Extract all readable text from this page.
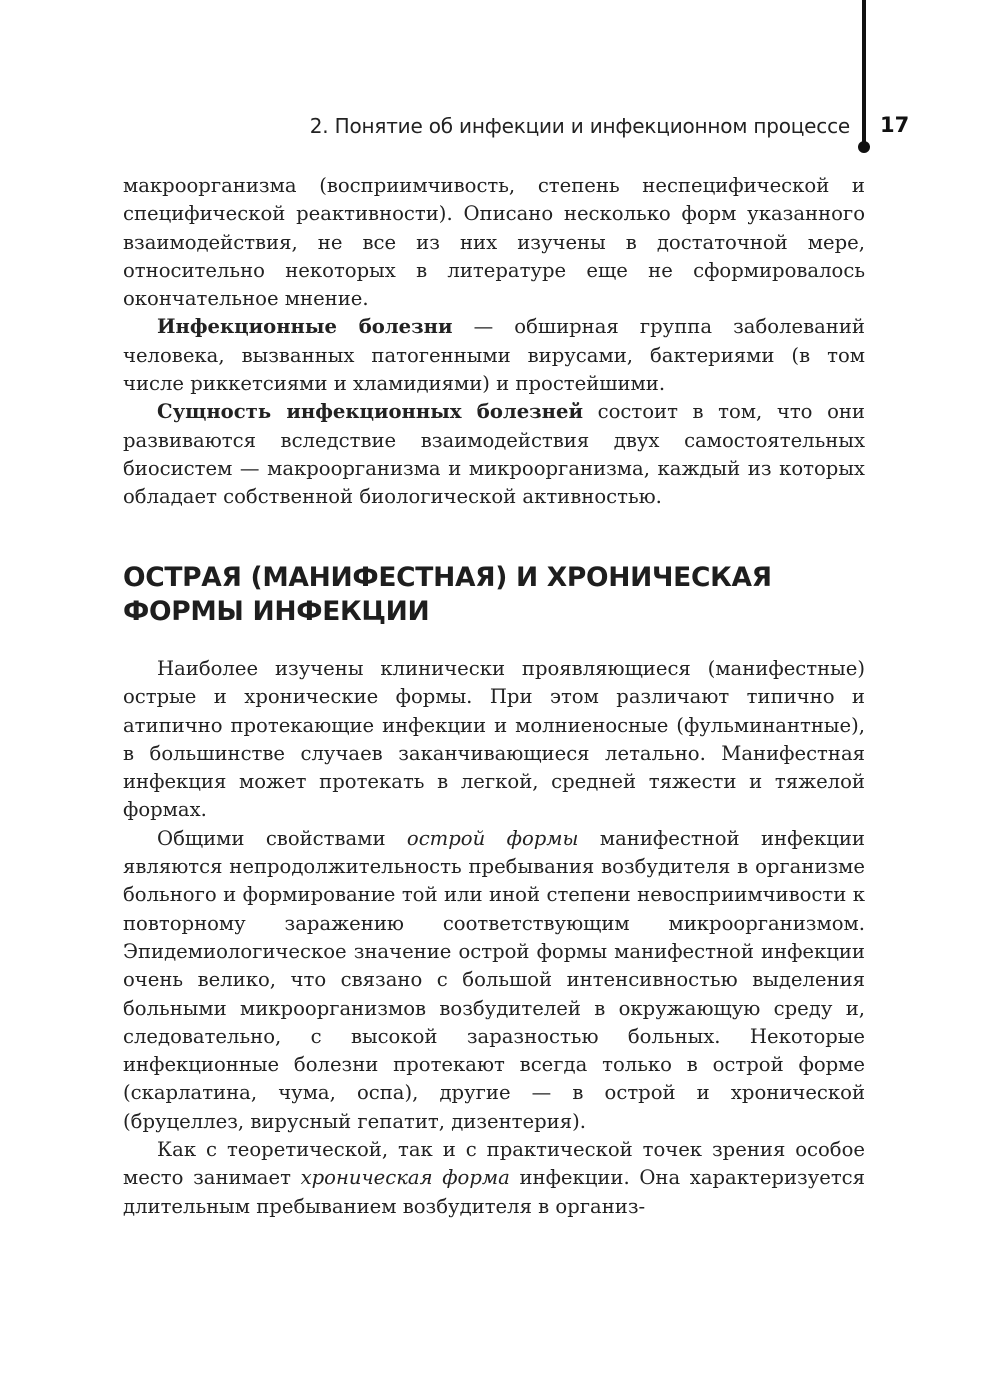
2. Понятие об инфекции и инфекционном процессе 17

макроорганизма (восприимчивость, степень неспецифической и специфической реактивности). Описано несколько форм указанного взаимодействия, не все из них изучены в достаточной мере, относительно некоторых в литературе еще не сформировалось окончательное мнение.

Инфекционные болезни — обширная группа заболеваний человека, вызванных патогенными вирусами, бактериями (в том числе риккетсиями и хламидиями) и простейшими.

Сущность инфекционных болезней состоит в том, что они развиваются вследствие взаимодействия двух самостоятельных биосистем — макроорганизма и микроорганизма, каждый из которых обладает собственной биологической активностью.

ОСТРАЯ (МАНИФЕСТНАЯ) И ХРОНИЧЕСКАЯ ФОРМЫ ИНФЕКЦИИ

Наиболее изучены клинически проявляющиеся (манифестные) острые и хронические формы. При этом различают типично и атипично протекающие инфекции и молниеносные (фульминантные), в большинстве случаев заканчивающиеся летально. Манифестная инфекция может протекать в легкой, средней тяжести и тяжелой формах.

Общими свойствами острой формы манифестной инфекции являются непродолжительность пребывания возбудителя в организме больного и формирование той или иной степени невосприимчивости к повторному заражению соответствующим микроорганизмом. Эпидемиологическое значение острой формы манифестной инфекции очень велико, что связано с большой интенсивностью выделения больными микроорганизмов возбудителей в окружающую среду и, следовательно, с высокой заразностью больных. Некоторые инфекционные болезни протекают всегда только в острой форме (скарлатина, чума, оспа), другие — в острой и хронической (бруцеллез, вирусный гепатит, дизентерия).

Как с теоретической, так и с практической точек зрения особое место занимает хроническая форма инфекции. Она характеризуется длительным пребыванием возбудителя в организ-
